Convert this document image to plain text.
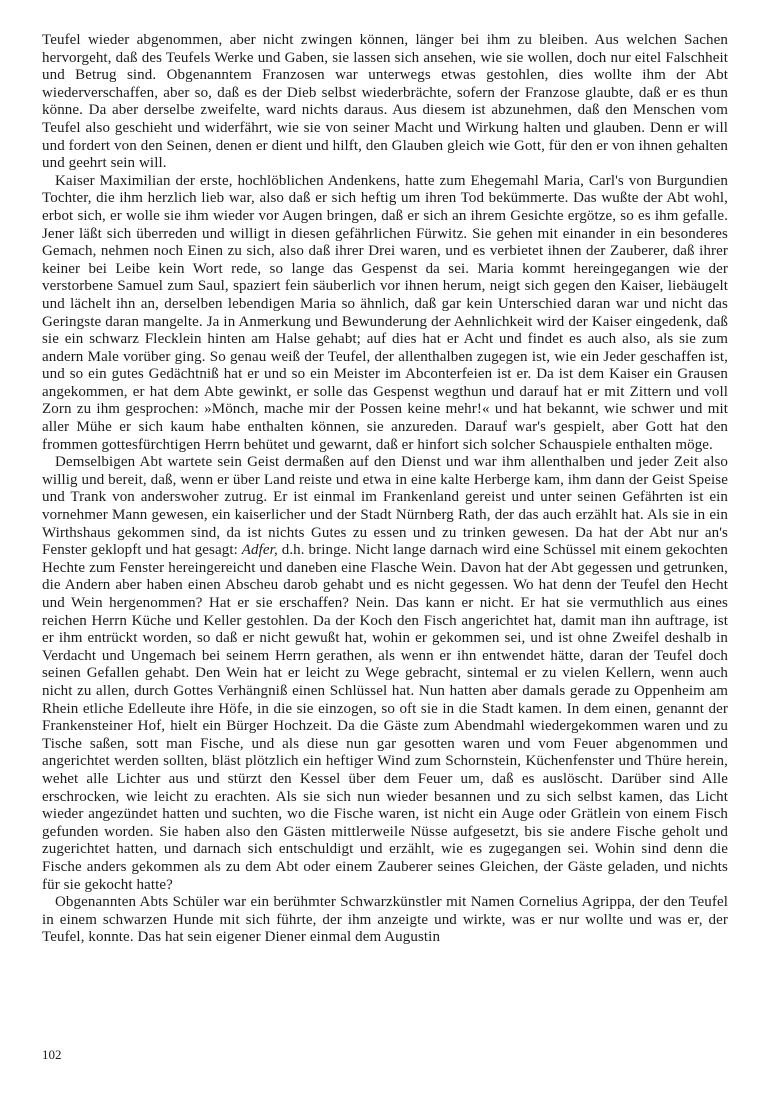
Teufel wieder abgenommen, aber nicht zwingen können, länger bei ihm zu bleiben. Aus welchen Sachen hervorgeht, daß des Teufels Werke und Gaben, sie lassen sich ansehen, wie sie wollen, doch nur eitel Falschheit und Betrug sind. Obgenanntem Franzosen war unterwegs etwas gestohlen, dies wollte ihm der Abt wiederverschaffen, aber so, daß es der Dieb selbst wiederbrächte, sofern der Franzose glaubte, daß er es thun könne. Da aber derselbe zweifelte, ward nichts daraus. Aus diesem ist abzunehmen, daß den Menschen vom Teufel also geschieht und widerfährt, wie sie von seiner Macht und Wirkung halten und glauben. Denn er will und fordert von den Seinen, denen er dient und hilft, den Glauben gleich wie Gott, für den er von ihnen gehalten und geehrt sein will.

Kaiser Maximilian der erste, hochlöblichen Andenkens, hatte zum Ehegemahl Maria, Carl's von Burgundien Tochter, die ihm herzlich lieb war, also daß er sich heftig um ihren Tod bekümmerte. Das wußte der Abt wohl, erbot sich, er wolle sie ihm wieder vor Augen bringen, daß er sich an ihrem Gesichte ergötze, so es ihm gefalle. Jener läßt sich überreden und willigt in diesen gefährlichen Fürwitz. Sie gehen mit einander in ein besonderes Gemach, nehmen noch Einen zu sich, also daß ihrer Drei waren, und es verbietet ihnen der Zauberer, daß ihrer keiner bei Leibe kein Wort rede, so lange das Gespenst da sei. Maria kommt hereingegangen wie der verstorbene Samuel zum Saul, spaziert fein säuberlich vor ihnen herum, neigt sich gegen den Kaiser, liebäugelt und lächelt ihn an, derselben lebendigen Maria so ähnlich, daß gar kein Unterschied daran war und nicht das Geringste daran mangelte. Ja in Anmerkung und Bewunderung der Aehnlichkeit wird der Kaiser eingedenk, daß sie ein schwarz Flecklein hinten am Halse gehabt; auf dies hat er Acht und findet es auch also, als sie zum andern Male vorüber ging. So genau weiß der Teufel, der allenthalben zugegen ist, wie ein Jeder geschaffen ist, und so ein gutes Gedächtniß hat er und so ein Meister im Abconterfeien ist er. Da ist dem Kaiser ein Grausen angekommen, er hat dem Abte gewinkt, er solle das Gespenst wegthun und darauf hat er mit Zittern und voll Zorn zu ihm gesprochen: »Mönch, mache mir der Possen keine mehr!« und hat bekannt, wie schwer und mit aller Mühe er sich kaum habe enthalten können, sie anzureden. Darauf war's gespielt, aber Gott hat den frommen gottesfürchtigen Herrn behütet und gewarnt, daß er hinfort sich solcher Schauspiele enthalten möge.

Demselbigen Abt wartete sein Geist dermaßen auf den Dienst und war ihm allenthalben und jeder Zeit also willig und bereit, daß, wenn er über Land reiste und etwa in eine kalte Herberge kam, ihm dann der Geist Speise und Trank von anderswoher zutrug. Er ist einmal im Frankenland gereist und unter seinen Gefährten ist ein vornehmer Mann gewesen, ein kaiserlicher und der Stadt Nürnberg Rath, der das auch erzählt hat. Als sie in ein Wirthshaus gekommen sind, da ist nichts Gutes zu essen und zu trinken gewesen. Da hat der Abt nur an's Fenster geklopft und hat gesagt: Adfer, d.h. bringe. Nicht lange darnach wird eine Schüssel mit einem gekochten Hechte zum Fenster hereingereicht und daneben eine Flasche Wein. Davon hat der Abt gegessen und getrunken, die Andern aber haben einen Abscheu darob gehabt und es nicht gegessen. Wo hat denn der Teufel den Hecht und Wein hergenommen? Hat er sie erschaffen? Nein. Das kann er nicht. Er hat sie vermuthlich aus eines reichen Herrn Küche und Keller gestohlen. Da der Koch den Fisch angerichtet hat, damit man ihn auftrage, ist er ihm entrückt worden, so daß er nicht gewußt hat, wohin er gekommen sei, und ist ohne Zweifel deshalb in Verdacht und Ungemach bei seinem Herrn gerathen, als wenn er ihn entwendet hätte, daran der Teufel doch seinen Gefallen gehabt. Den Wein hat er leicht zu Wege gebracht, sintemal er zu vielen Kellern, wenn auch nicht zu allen, durch Gottes Verhängniß einen Schlüssel hat. Nun hatten aber damals gerade zu Oppenheim am Rhein etliche Edelleute ihre Höfe, in die sie einzogen, so oft sie in die Stadt kamen. In dem einen, genannt der Frankensteiner Hof, hielt ein Bürger Hochzeit. Da die Gäste zum Abendmahl wiedergekommen waren und zu Tische saßen, sott man Fische, und als diese nun gar gesotten waren und vom Feuer abgenommen und angerichtet werden sollten, bläst plötzlich ein heftiger Wind zum Schornstein, Küchenfenster und Thüre herein, wehet alle Lichter aus und stürzt den Kessel über dem Feuer um, daß es auslöscht. Darüber sind Alle erschrocken, wie leicht zu erachten. Als sie sich nun wieder besannen und zu sich selbst kamen, das Licht wieder angezündet hatten und suchten, wo die Fische waren, ist nicht ein Auge oder Grätlein von einem Fisch gefunden worden. Sie haben also den Gästen mittlerweile Nüsse aufgesetzt, bis sie andere Fische geholt und zugerichtet hatten, und darnach sich entschuldigt und erzählt, wie es zugegangen sei. Wohin sind denn die Fische anders gekommen als zu dem Abt oder einem Zauberer seines Gleichen, der Gäste geladen, und nichts für sie gekocht hatte?

Obgenannten Abts Schüler war ein berühmter Schwarzkünstler mit Namen Cornelius Agrippa, der den Teufel in einem schwarzen Hunde mit sich führte, der ihm anzeigte und wirkte, was er nur wollte und was er, der Teufel, konnte. Das hat sein eigener Diener einmal dem Augustin

102
